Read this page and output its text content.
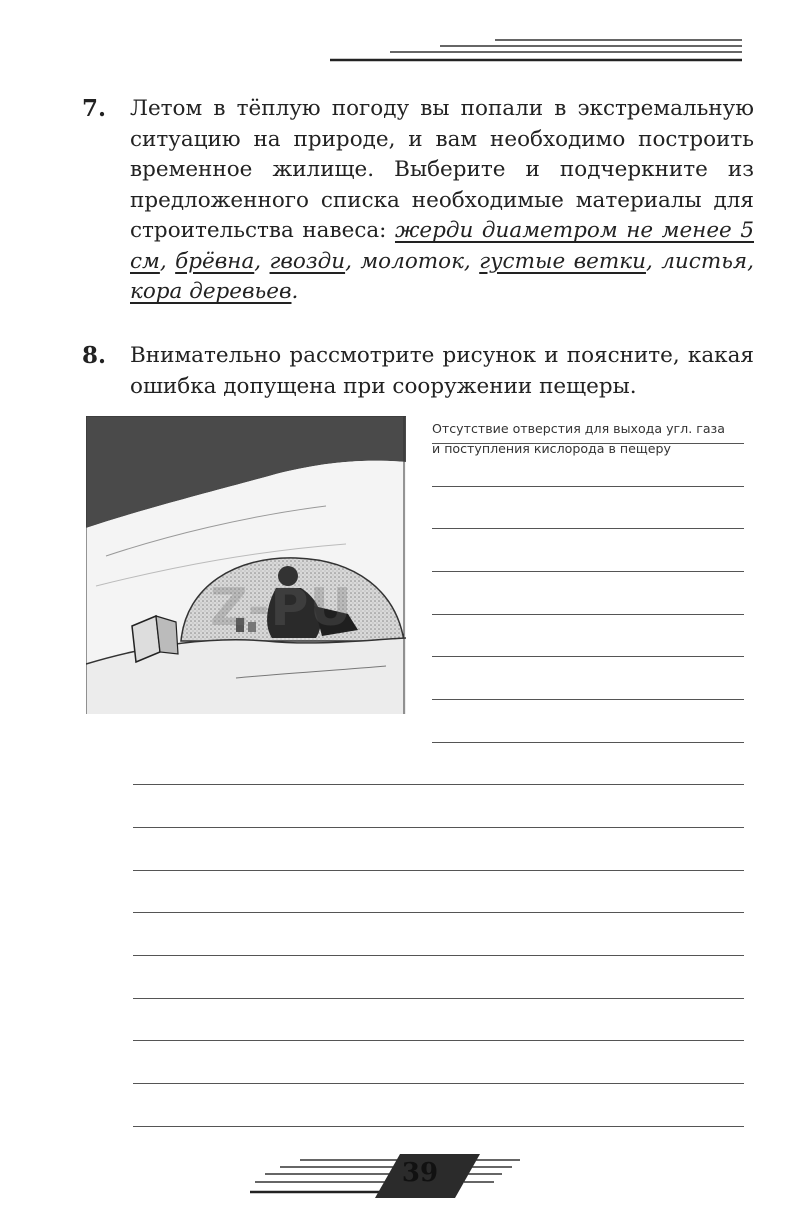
7. Летом в тёплую погоду вы попали в экстремальную ситуацию на природе, и вам необходимо построить временное жилище. Выберите и подчеркните из предложенного списка необходимые материалы для строительства навеса: жерди диаметром не менее 5 см, брёвна, гвозди, молоток, густые ветки, листья, кора деревьев.
8. Внимательно рассмотрите рисунок и поясните, какая ошибка допущена при сооружении пещеры.
Z-PU
Отсутствие отверстия для выхода угл. газа
и поступления кислорода в пещеру
39
